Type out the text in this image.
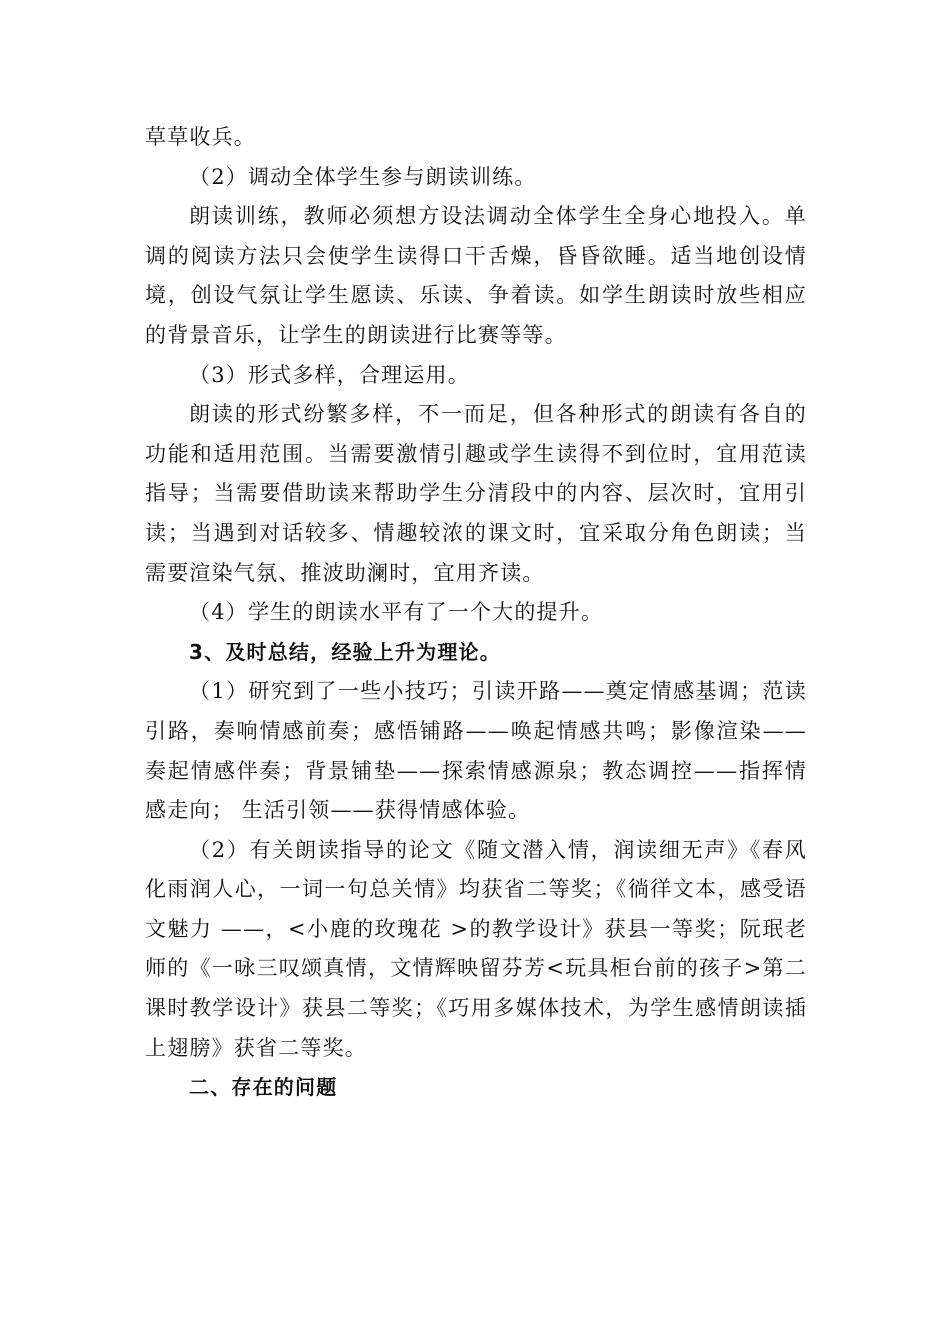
草草收兵。

（2）调动全体学生参与朗读训练。

朗读训练，教师必须想方设法调动全体学生全身心地投入。单调的阅读方法只会使学生读得口干舌燥，昏昏欲睡。适当地创设情境，创设气氛让学生愿读、乐读、争着读。如学生朗读时放些相应的背景音乐，让学生的朗读进行比赛等等。

（3）形式多样，合理运用。

朗读的形式纷繁多样，不一而足，但各种形式的朗读有各自的功能和适用范围。当需要激情引趣或学生读得不到位时，宜用范读指导；当需要借助读来帮助学生分清段中的内容、层次时，宜用引读；当遇到对话较多、情趣较浓的课文时，宜采取分角色朗读；当需要渲染气氛、推波助澜时，宜用齐读。

（4）学生的朗读水平有了一个大的提升。

3、及时总结，经验上升为理论。

（1）研究到了一些小技巧；引读开路——奠定情感基调；范读引路，奏响情感前奏；感悟铺路——唤起情感共鸣；影像渲染——奏起情感伴奏；背景铺垫——探索情感源泉；教态调控——指挥情感走向； 生活引领——获得情感体验。

（2）有关朗读指导的论文《随文潜入情，润读细无声》《春风化雨润人心，一词一句总关情》均获省二等奖；《徜徉文本，感受语文魅力 ——，<小鹿的玫瑰花 >的教学设计》获县一等奖；阮珉老师的《一咏三叹颂真情，文情辉映留芬芳<玩具柜台前的孩子>第二课时教学设计》获县二等奖；《巧用多媒体技术，为学生感情朗读插上翅膀》获省二等奖。

二、存在的问题
